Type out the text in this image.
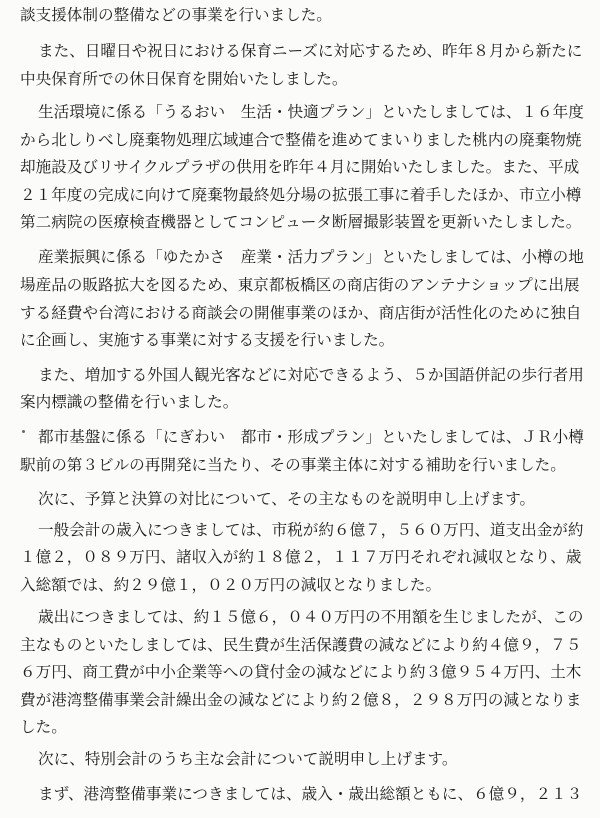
談支援体制の整備などの事業を行いました。
また、日曜日や祝日における保育ニーズに対応するため、昨年８月から新たに
中央保育所での休日保育を開始いたしました。
生活環境に係る「うるおい　生活・快適プラン」といたしましては、１６年度
から北しりべし廃棄物処理広域連合で整備を進めてまいりました桃内の廃棄物焼
却施設及びリサイクルプラザの供用を昨年４月に開始いたしました。また、平成
２１年度の完成に向けて廃棄物最終処分場の拡張工事に着手したほか、市立小樽
第二病院の医療検査機器としてコンピュータ断層撮影装置を更新いたしました。
産業振興に係る「ゆたかさ　産業・活力プラン」といたしましては、小樽の地
場産品の販路拡大を図るため、東京都板橋区の商店街のアンテナショップに出展
する経費や台湾における商談会の開催事業のほか、商店街が活性化のために独自
に企画し、実施する事業に対する支援を行いました。
また、増加する外国人観光客などに対応できるよう、５か国語併記の歩行者用
案内標識の整備を行いました。
都市基盤に係る「にぎわい　都市・形成プラン」といたしましては、ＪＲ小樽
駅前の第３ビルの再開発に当たり、その事業主体に対する補助を行いました。
次に、予算と決算の対比について、その主なものを説明申し上げます。
一般会計の歳入につきましては、市税が約６億７，５６０万円、道支出金が約
１億２，０８９万円、諸収入が約１８億２，１１７万円それぞれ減収となり、歳
入総額では、約２９億１，０２０万円の減収となりました。
歳出につきましては、約１５億６，０４０万円の不用額を生じましたが、この
主なものといたしましては、民生費が生活保護費の減などにより約４億９，７５
６万円、商工費が中小企業等への貸付金の減などにより約３億９５４万円、土木
費が港湾整備事業会計繰出金の減などにより約２億８，２９８万円の減となりま
した。
次に、特別会計のうち主な会計について説明申し上げます。
まず、港湾整備事業につきましては、歳入・歳出総額ともに、６億９，２１３
